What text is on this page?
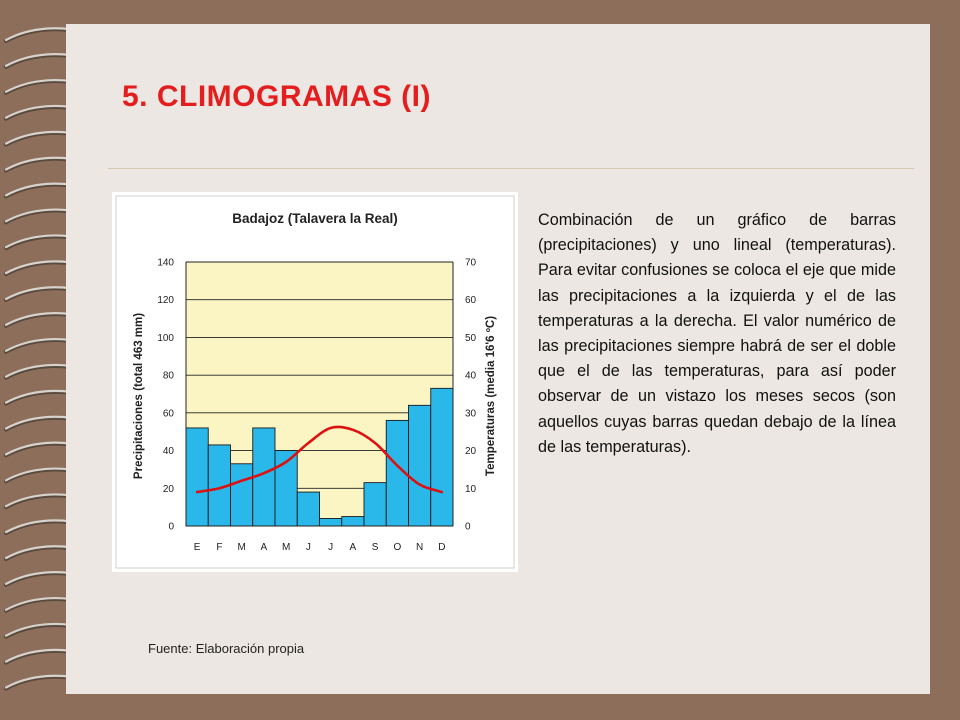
5. CLIMOGRAMAS (I)
0
20
40
60
80
100
120
140
0
10
20
30
40
50
60
70
E F M A M J J A S O N D
Badajoz (Talavera la Real)
Precipitaciones (total 463 mm)	Temperaturas (media 16'6 ºC)

Combinación de un gráfico de barras (precipitaciones) y uno lineal (temperaturas). Para evitar confusiones se coloca el eje que mide las precipitaciones a la izquierda y el de las temperaturas a la derecha. El valor numérico de las precipitaciones siempre habrá de ser el doble que el de las temperaturas, para así poder observar de un vistazo los meses secos (son aquellos cuyas barras quedan debajo de la línea de las temperaturas).

Fuente: Elaboración propia
